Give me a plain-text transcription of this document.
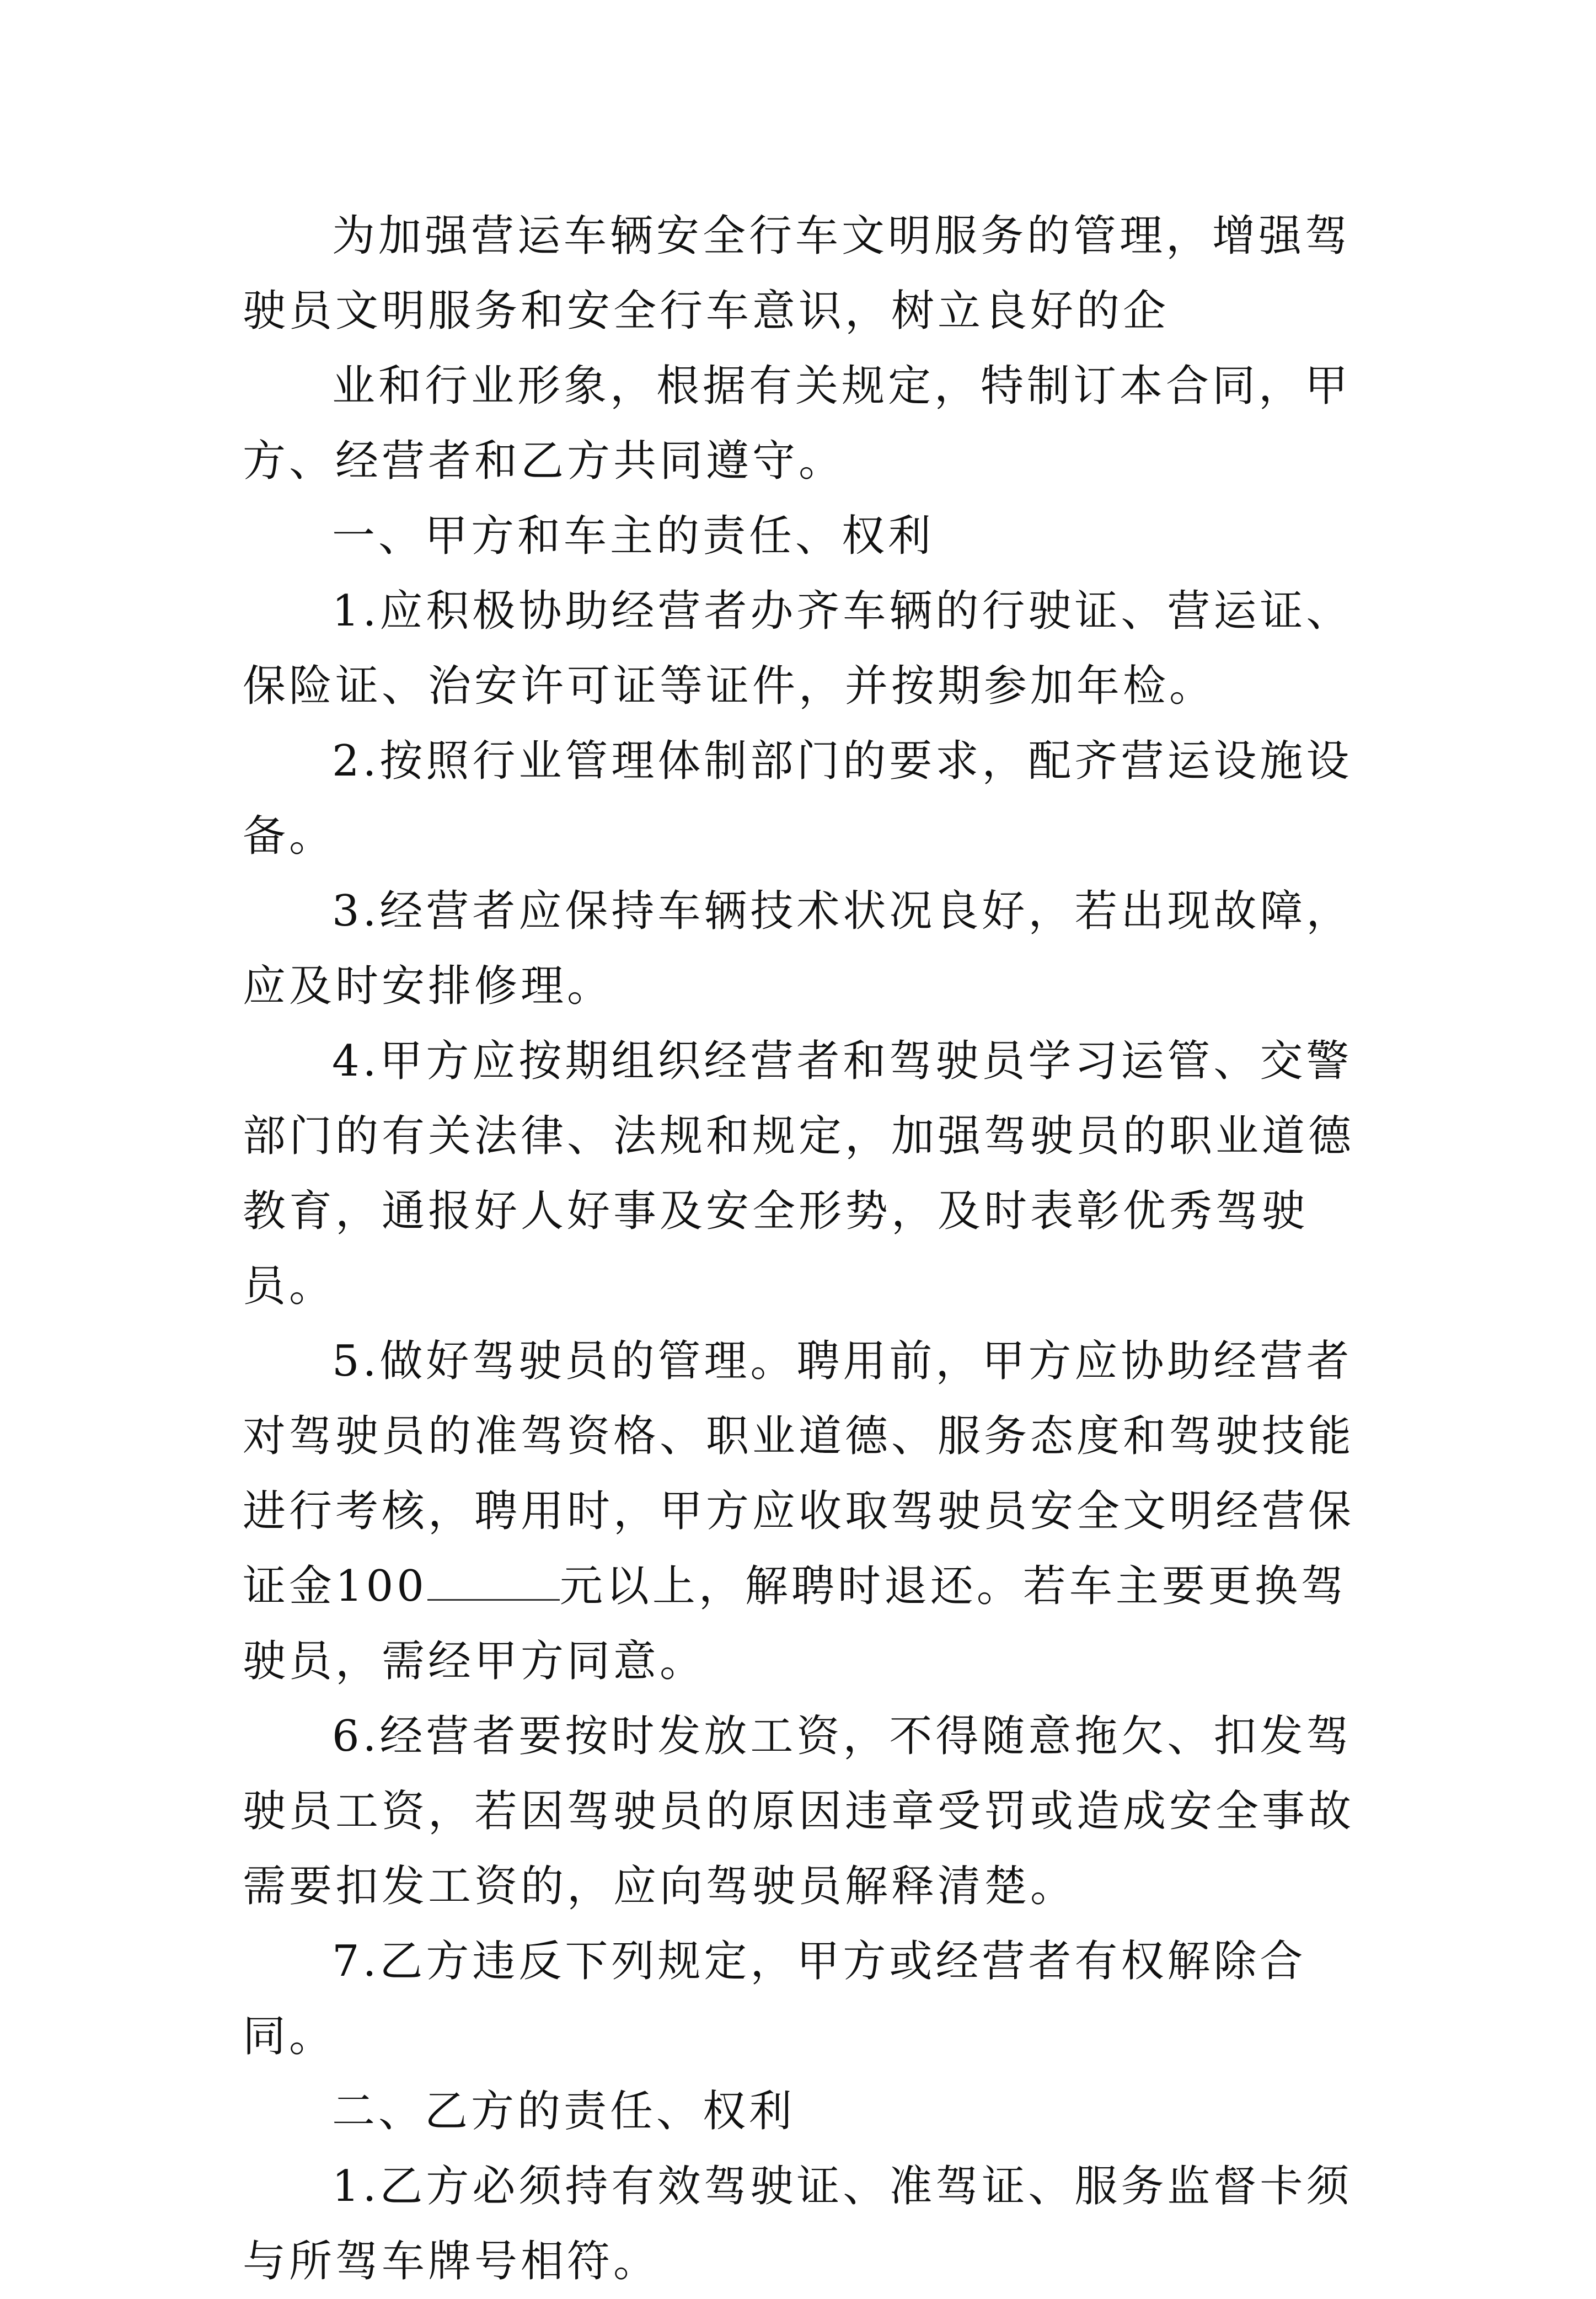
为加强营运车辆安全行车文明服务的管理，增强驾驶员文明服务和安全行车意识，树立良好的企

业和行业形象，根据有关规定，特制订本合同，甲方、经营者和乙方共同遵守。

一、甲方和车主的责任、权利

1.应积极协助经营者办齐车辆的行驶证、营运证、保险证、治安许可证等证件，并按期参加年检。

2.按照行业管理体制部门的要求，配齐营运设施设备。

3.经营者应保持车辆技术状况良好，若出现故障，应及时安排修理。

4.甲方应按期组织经营者和驾驶员学习运管、交警部门的有关法律、法规和规定，加强驾驶员的职业道德教育，通报好人好事及安全形势，及时表彰优秀驾驶员。

5.做好驾驶员的管理。聘用前，甲方应协助经营者对驾驶员的准驾资格、职业道德、服务态度和驾驶技能进行考核，聘用时，甲方应收取驾驶员安全文明经营保证金100	元以上，解聘时退还。若车主要更换驾驶员，需经甲方同意。

6.经营者要按时发放工资，不得随意拖欠、扣发驾驶员工资，若因驾驶员的原因违章受罚或造成安全事故需要扣发工资的，应向驾驶员解释清楚。

7.乙方违反下列规定，甲方或经营者有权解除合同。

二、乙方的责任、权利

1.乙方必须持有效驾驶证、准驾证、服务监督卡须与所驾车牌号相符。
